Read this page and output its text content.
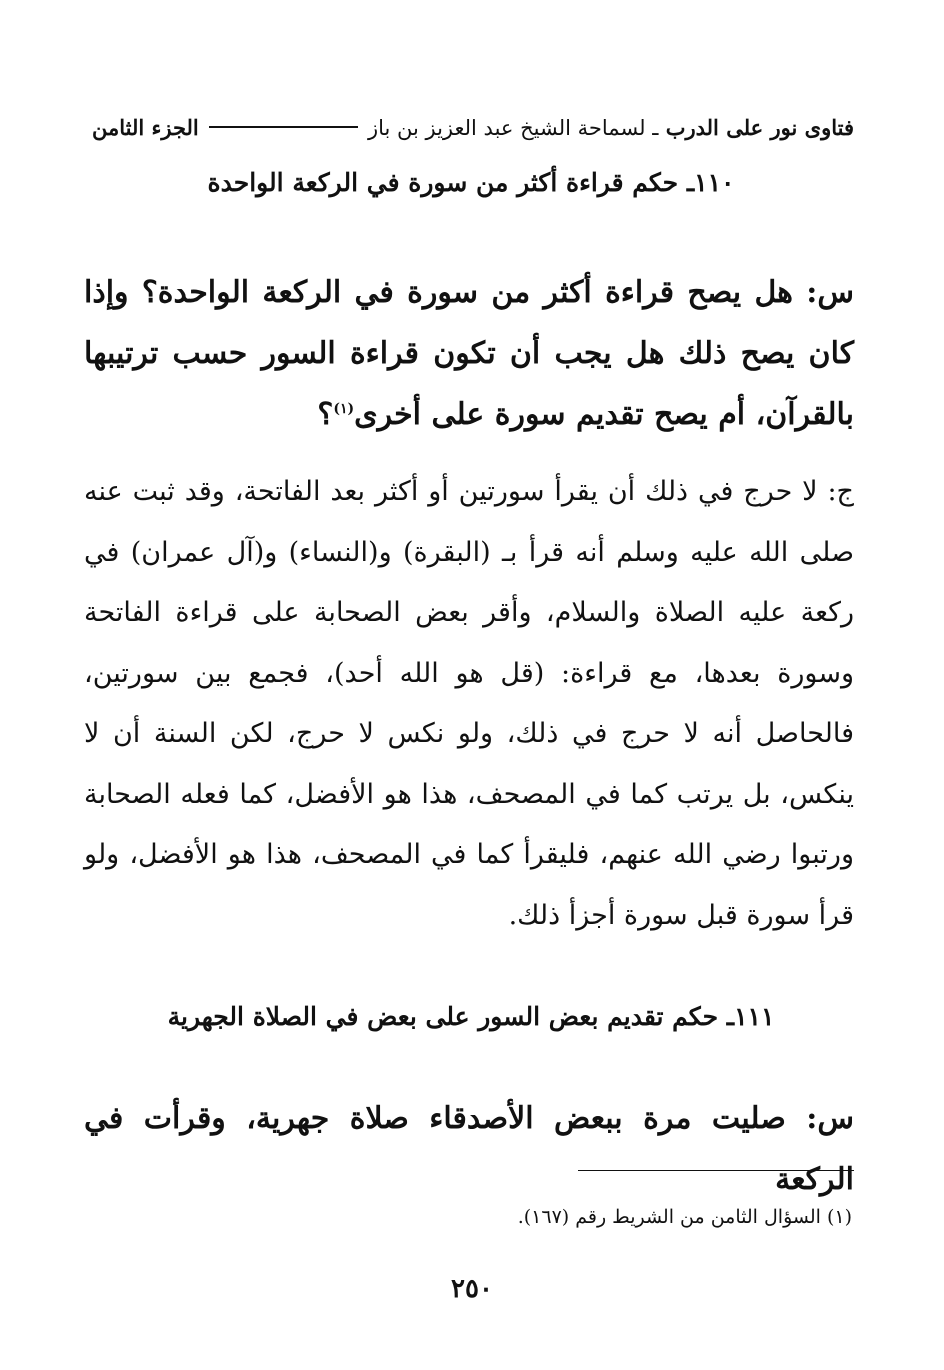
فتاوى نور على الدرب ـ لسماحة الشيخ عبد العزيز بن باز
الجزء الثامن
١١٠ـ حكم قراءة أكثر من سورة في الركعة الواحدة
س: هل يصح قراءة أكثر من سورة في الركعة الواحدة؟ وإذا كان يصح ذلك هل يجب أن تكون قراءة السور حسب ترتيبها بالقرآن، أم يصح تقديم سورة على أخرى$^{(١)}$؟
ج: لا حرج في ذلك أن يقرأ سورتين أو أكثر بعد الفاتحة، وقد ثبت عنه صلى الله عليه وسلم أنه قرأ بـ (البقرة) و(النساء) و(آل عمران) في ركعة عليه الصلاة والسلام، وأقر بعض الصحابة على قراءة الفاتحة وسورة بعدها، مع قراءة: (قل هو الله أحد)، فجمع بين سورتين، فالحاصل أنه لا حرج في ذلك، ولو نكس لا حرج، لكن السنة أن لا ينكس، بل يرتب كما في المصحف، هذا هو الأفضل، كما فعله الصحابة ورتبوا رضي الله عنهم، فليقرأ كما في المصحف، هذا هو الأفضل، ولو قرأ سورة قبل سورة أجزأ ذلك.
١١١ـ حكم تقديم بعض السور على بعض في الصلاة الجهرية
س: صليت مرة ببعض الأصدقاء صلاة جهرية، وقرأت في الركعة
(١) السؤال الثامن من الشريط رقم (١٦٧).
٢٥٠
